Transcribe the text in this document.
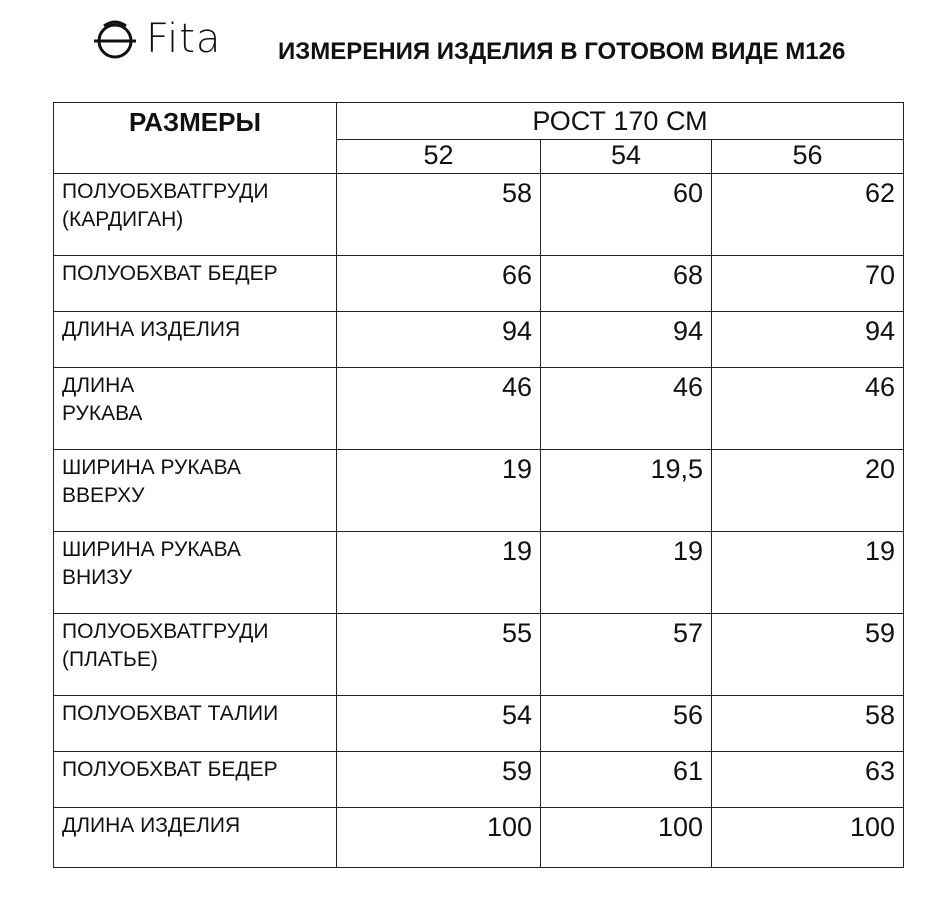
Fita ИЗМЕРЕНИЯ ИЗДЕЛИЯ В ГОТОВОМ ВИДЕ М126
РАЗМЕРЫ	РОСТ 170 СМ		
	52	54	56

ПОЛУОБХВАТГРУДИ
(КАРДИГАН)	58	60	62

ПОЛУОБХВАТ БЕДЕР	66	68	70

ДЛИНА ИЗДЕЛИЯ	94	94	94

ДЛИНА
РУКАВА	46	46	46

ШИРИНА РУКАВА
ВВЕРХУ	19	19,5	20

ШИРИНА РУКАВА
ВНИЗУ	19	19	19

ПОЛУОБХВАТГРУДИ
(ПЛАТЬЕ)	55	57	59

ПОЛУОБХВАТ ТАЛИИ	54	56	58

ПОЛУОБХВАТ БЕДЕР	59	61	63

ДЛИНА ИЗДЕЛИЯ	100	100	100
